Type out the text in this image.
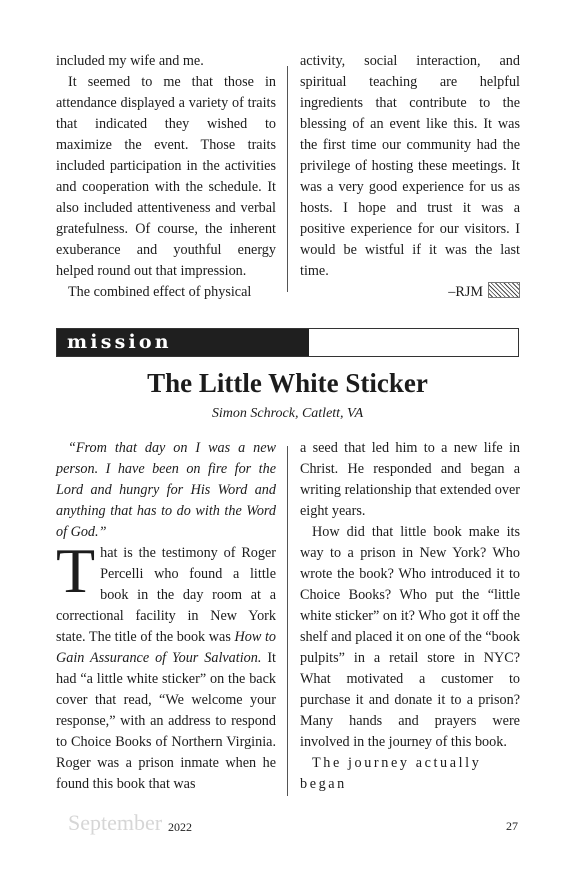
included my wife and me.

It seemed to me that those in attendance displayed a variety of traits that indicated they wished to maximize the event. Those traits included participation in the activities and cooperation with the schedule. It also included attentiveness and verbal gratefulness. Of course, the inherent exuberance and youthful energy helped round out that impression.

The combined effect of physical

activity, social interaction, and spiritual teaching are helpful ingredients that contribute to the blessing of an event like this. It was the first time our community had the privilege of hosting these meetings. It was a very good experience for us as hosts. I hope and trust it was a positive experience for our visitors. I would be wistful if it was the last time.

–RJM

mission awareness
The Little White Sticker
Simon Schrock, Catlett, VA

“From that day on I was a new person. I have been on fire for the Lord and hungry for His Word and anything that has to do with the Word of God.”

That is the testimony of Roger Percelli who found a little book in the day room at a correctional facility in New York state. The title of the book was How to Gain Assurance of Your Salvation. It had “a little white sticker” on the back cover that read, “We welcome your response,” with an address to respond to Choice Books of Northern Virginia. Roger was a prison inmate when he found this book that was

a seed that led him to a new life in Christ. He responded and began a writing relationship that extended over eight years.

How did that little book make its way to a prison in New York? Who wrote the book? Who introduced it to Choice Books? Who put the “little white sticker” on it? Who got it off the shelf and placed it on one of the “book pulpits” in a retail store in NYC? What motivated a customer to purchase it and donate it to a prison? Many hands and prayers were involved in the journey of this book.

The journey actually began

September 2022	27
